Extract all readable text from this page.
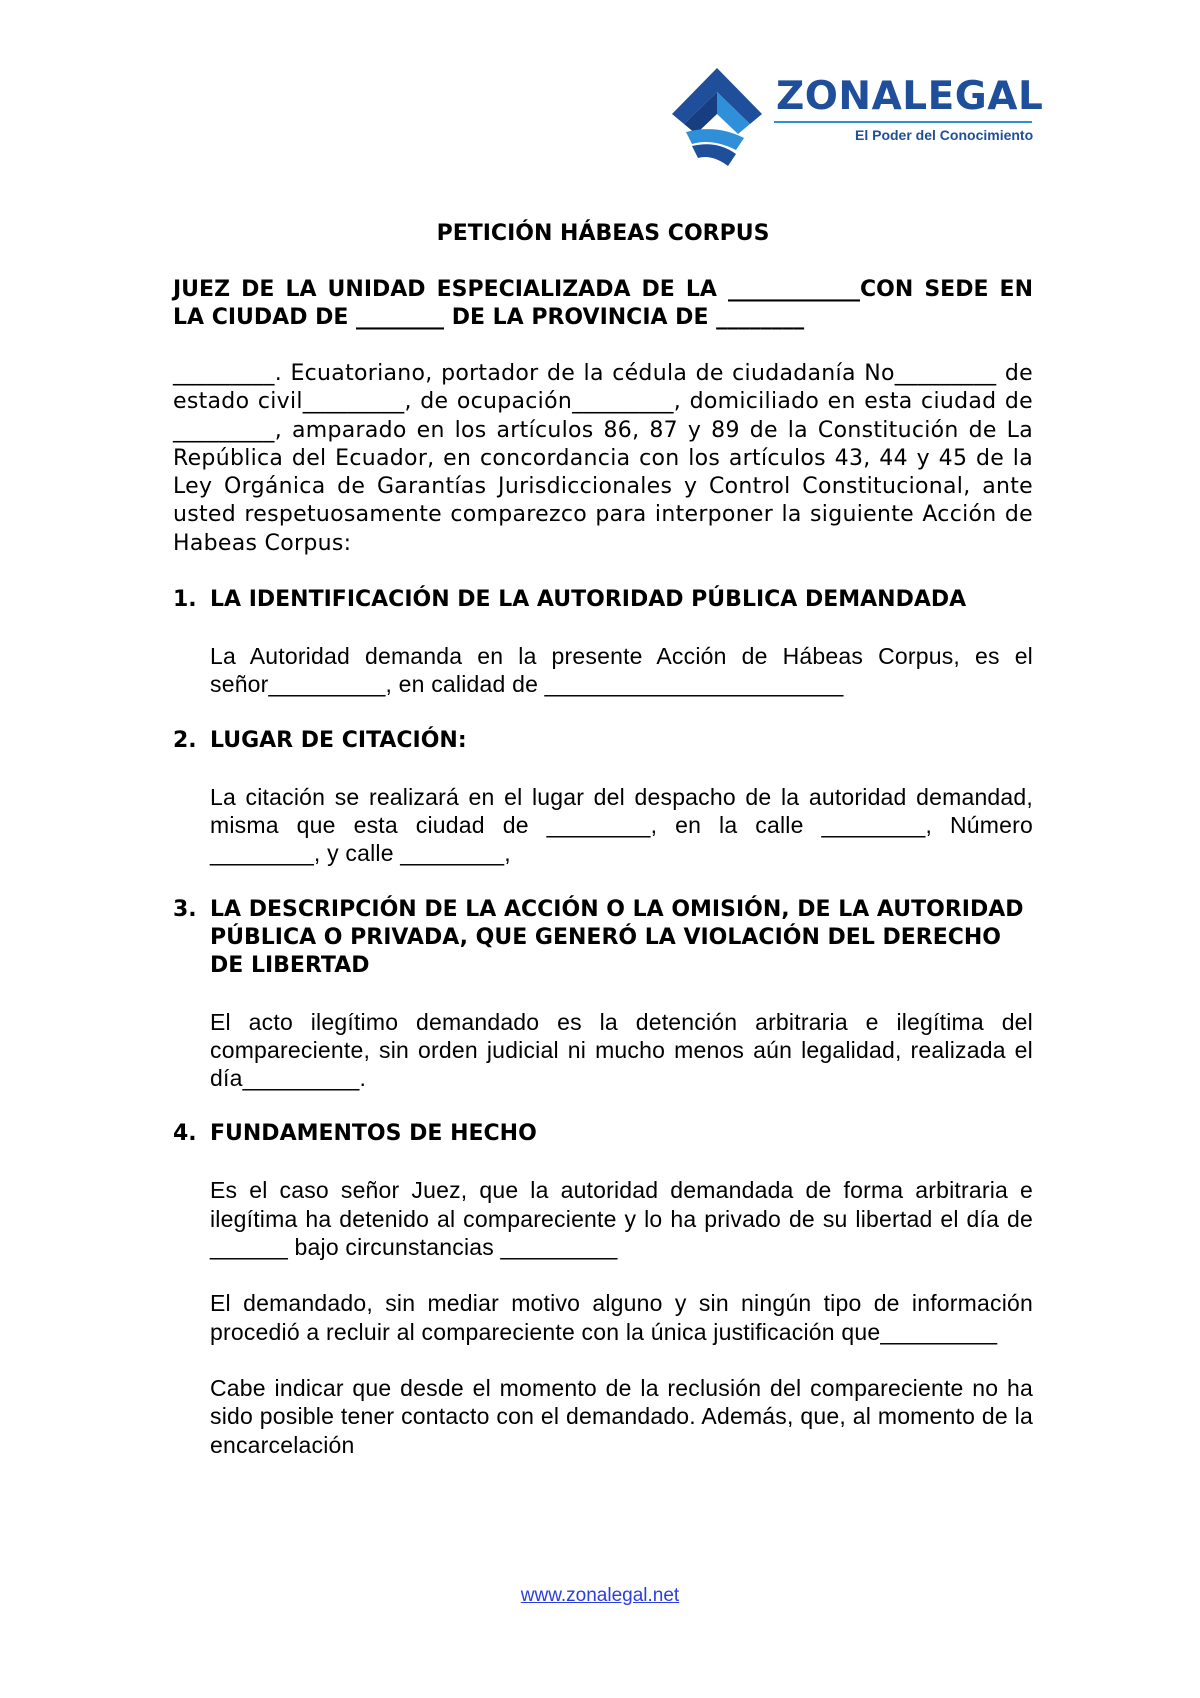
ZONALEGAL
El Poder del Conocimiento
PETICIÓN HÁBEAS CORPUS
JUEZ DE LA UNIDAD ESPECIALIZADA DE LA ____________CON SEDE EN LA CIUDAD DE ________ DE LA PROVINCIA DE ________
_________. Ecuatoriano, portador de la cédula de ciudadanía No_________ de estado civil_________, de ocupación_________, domiciliado en esta ciudad de _________, amparado en los artículos 86, 87 y 89 de la Constitución de La República del Ecuador, en concordancia con los artículos 43, 44 y 45 de la Ley Orgánica de Garantías Jurisdiccionales y Control Constitucional, ante usted respetuosamente comparezco para interponer la siguiente Acción de Habeas Corpus:
1. LA IDENTIFICACIÓN DE LA AUTORIDAD PÚBLICA DEMANDADA
La Autoridad demanda en la presente Acción de Hábeas Corpus, es el señor_________, en calidad de _______________________
2. LUGAR DE CITACIÓN:
La citación se realizará en el lugar del despacho de la autoridad demandad, misma que esta ciudad de ________, en la calle ________, Número ________, y calle ________,
3. LA DESCRIPCIÓN DE LA ACCIÓN O LA OMISIÓN, DE LA AUTORIDAD PÚBLICA O PRIVADA, QUE GENERÓ LA VIOLACIÓN DEL DERECHO DE LIBERTAD
El acto ilegítimo demandado es la detención arbitraria e ilegítima del compareciente, sin orden judicial ni mucho menos aún legalidad, realizada el día_________.
4. FUNDAMENTOS DE HECHO
Es el caso señor Juez, que la autoridad demandada de forma arbitraria e ilegítima ha detenido al compareciente y lo ha privado de su libertad el día de ______ bajo circunstancias _________
El demandado, sin mediar motivo alguno y sin ningún tipo de información procedió a recluir al compareciente con la única justificación que_________
Cabe indicar que desde el momento de la reclusión del compareciente no ha sido posible tener contacto con el demandado. Además, que, al momento de la encarcelación
www.zonalegal.net
